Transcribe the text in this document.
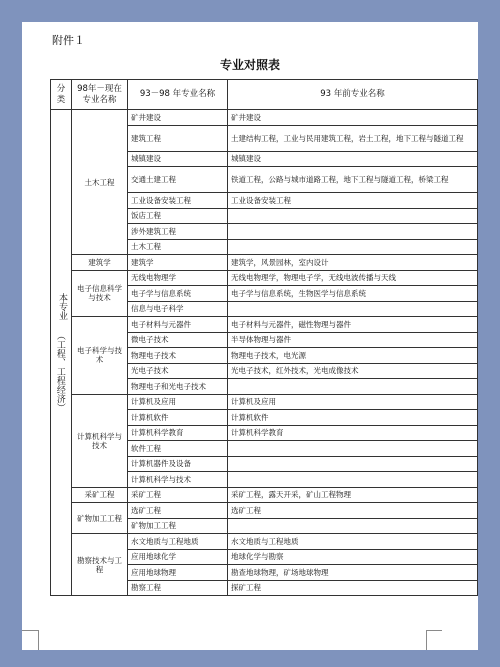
附件１
专业对照表
分类	98年－现在专业名称	93－98 年专业名称	93 年前专业名称
本专业
（工程、工程经济）	土木工程	矿井建设	矿井建设
		建筑工程	土建结构工程，工业与民用建筑工程，岩土工程，地下工程与隧道工程
		城镇建设	城镇建设
		交通土建工程	铁道工程，公路与城市道路工程，地下工程与隧道工程，桥梁工程
		工业设备安装工程	工业设备安装工程
		饭店工程	
		涉外建筑工程	
		土木工程	
	建筑学	建筑学	建筑学，风景园林，室内设计
	电子信息科学与技术	无线电物理学	无线电物理学，物理电子学，无线电波传播与天线
		电子学与信息系统	电子学与信息系统，生物医学与信息系统
		信息与电子科学	
	电子科学与技术	电子材料与元器件	电子材料与元器件，磁性物理与器件
		微电子技术	半导体物理与器件
		物理电子技术	物理电子技术，电光源
		光电子技术	光电子技术，红外技术，光电成像技术
		物理电子和光电子技术	
	计算机科学与技术	计算机及应用	计算机及应用
		计算机软件	计算机软件
		计算机科学教育	计算机科学教育
		软件工程	
		计算机器件及设备	
		计算机科学与技术	
	采矿工程	采矿工程	采矿工程，露天开采，矿山工程物理
	矿物加工工程	选矿工程	选矿工程
		矿物加工工程	
	勘察技术与工程	水文地质与工程地质	水文地质与工程地质
		应用地球化学	地球化学与勘察
		应用地球物理	勘查地球物理，矿场地球物理
		勘察工程	探矿工程
